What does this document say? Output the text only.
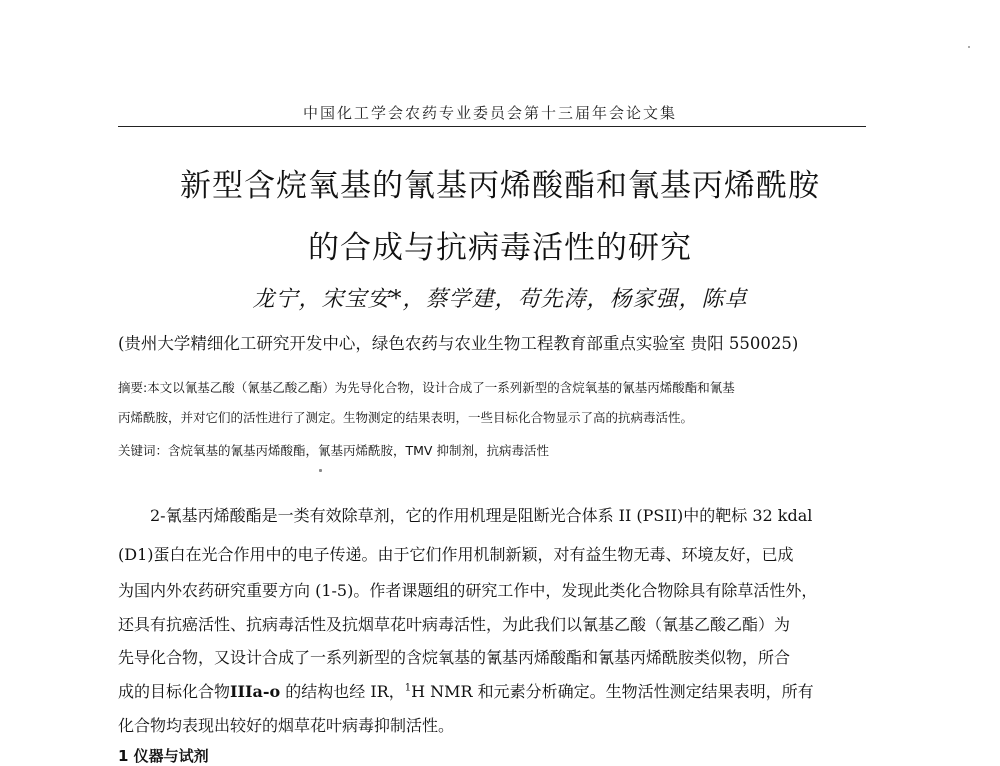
中国化工学会农药专业委员会第十三届年会论文集
新型含烷氧基的氰基丙烯酸酯和氰基丙烯酰胺
的合成与抗病毒活性的研究
龙宁，宋宝安*，蔡学建，苟先涛，杨家强，陈卓
(贵州大学精细化工研究开发中心，绿色农药与农业生物工程教育部重点实验室 贵阳 550025)
摘要:本文以氰基乙酸（氰基乙酸乙酯）为先导化合物，设计合成了一系列新型的含烷氧基的氰基丙烯酸酯和氰基
丙烯酰胺，并对它们的活性进行了测定。生物测定的结果表明，一些目标化合物显示了高的抗病毒活性。
关键词：含烷氧基的氰基丙烯酸酯，氰基丙烯酰胺，TMV 抑制剂，抗病毒活性
2-氰基丙烯酸酯是一类有效除草剂，它的作用机理是阻断光合体系 II (PSII)中的靶标 32 kdal
(D1)蛋白在光合作用中的电子传递。由于它们作用机制新颖，对有益生物无毒、环境友好，已成
为国内外农药研究重要方向 (1-5)。作者课题组的研究工作中，发现此类化合物除具有除草活性外，
还具有抗癌活性、抗病毒活性及抗烟草花叶病毒活性，为此我们以氰基乙酸（氰基乙酸乙酯）为
先导化合物，又设计合成了一系列新型的含烷氧基的氰基丙烯酸酯和氰基丙烯酰胺类似物，所合
成的目标化合物IIIa-o 的结构也经 IR，$^1$H NMR 和元素分析确定。生物活性测定结果表明，所有
化合物均表现出较好的烟草花叶病毒抑制活性。
1 仪器与试剂
